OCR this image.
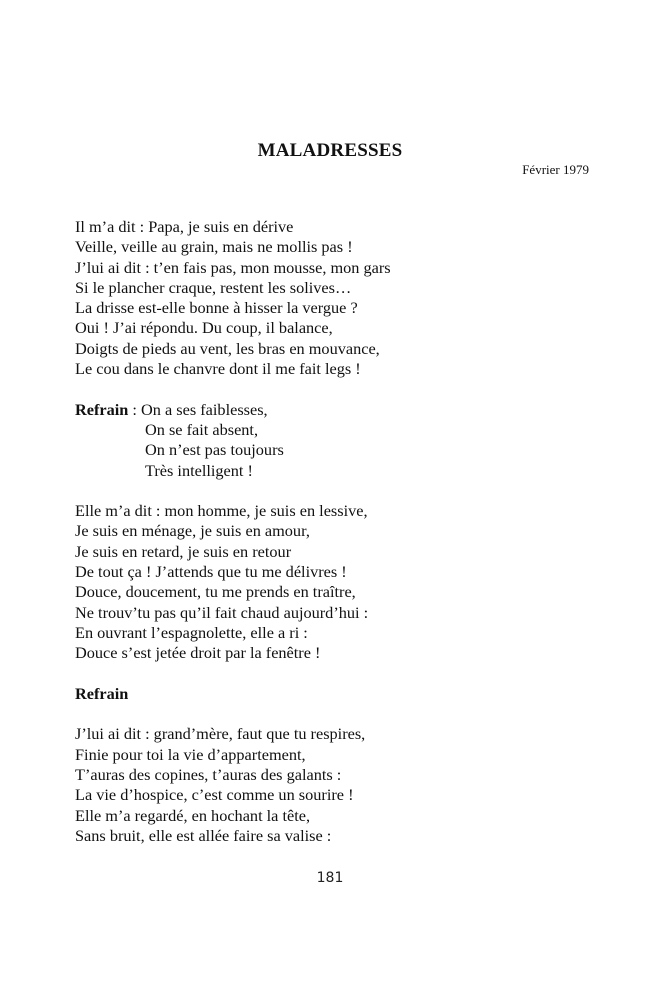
MALADRESSES
Février 1979
Il m’a dit : Papa, je suis en dérive
Veille, veille au grain, mais ne mollis pas !
J’lui ai dit : t’en fais pas, mon mousse, mon gars
Si le plancher craque, restent les solives…
La drisse est-elle bonne à hisser la vergue ?
Oui ! J’ai répondu. Du coup, il balance,
Doigts de pieds au vent, les bras en mouvance,
Le cou dans le chanvre dont il me fait legs !
Refrain : On a ses faiblesses,
On se fait absent,
On n’est pas toujours
Très intelligent !
Elle m’a dit : mon homme, je suis en lessive,
Je suis en ménage, je suis en amour,
Je suis en retard, je suis en retour
De tout ça ! J’attends que tu me délivres !
Douce, doucement, tu me prends en traître,
Ne trouv’tu pas qu’il fait chaud aujourd’hui :
En ouvrant l’espagnolette, elle a ri :
Douce s’est jetée droit par la fenêtre !
Refrain
J’lui ai dit : grand’mère, faut que tu respires,
Finie pour toi la vie d’appartement,
T’auras des copines, t’auras des galants :
La vie d’hospice, c’est comme un sourire !
Elle m’a regardé, en hochant la tête,
Sans bruit, elle est allée faire sa valise :
181
